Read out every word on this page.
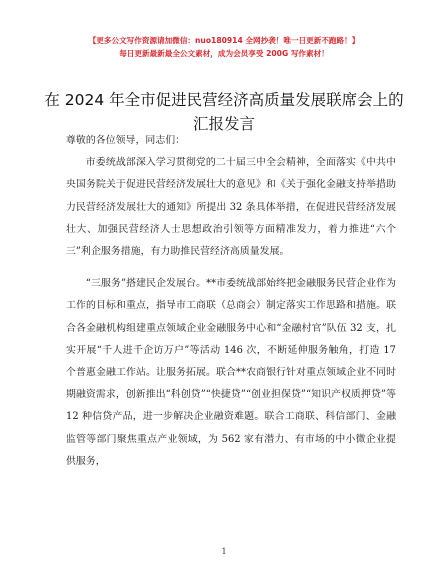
【更多公文写作资源请加微信：nuo180914 全网抄袭！唯一日更新不跑路！】
每日更新最新最全公文素材，成为会员享受 200G 写作素材！
在 2024 年全市促进民营经济高质量发展联席会上的汇报发言

尊敬的各位领导，同志们：

市委统战部深入学习贯彻党的二十届三中全会精神，全面落实《中共中央国务院关于促进民营经济发展壮大的意见》和《关于强化金融支持举措助力民营经济发展壮大的通知》所提出 32 条具体举措，在促进民营经济发展壮大、加强民营经济人士思想政治引领等方面精准发力，着力推进“六个三”利企服务措施，有力助推民营经济高质量发展。

“三服务”搭建民企发展台。**市委统战部始终把金融服务民营企业作为工作的目标和重点，指导市工商联（总商会）制定落实工作思路和措施。联合各金融机构组建重点领域企业金融服务中心和“金融村官”队伍 32 支，扎实开展“千人进千企访万户”等活动 146 次，不断延伸服务触角，打造 17 个普惠金融工作站。让服务拓展。联合**农商银行针对重点领域企业不同时期融资需求，创新推出“科创贷”“快捷贷”“创业担保贷”“知识产权质押贷”等 12 种信贷产品，进一步解决企业融资难题。联合工商联、科信部门、金融监管等部门聚焦重点产业领域，为 562 家有潜力、有市场的中小微企业提供服务，

1
